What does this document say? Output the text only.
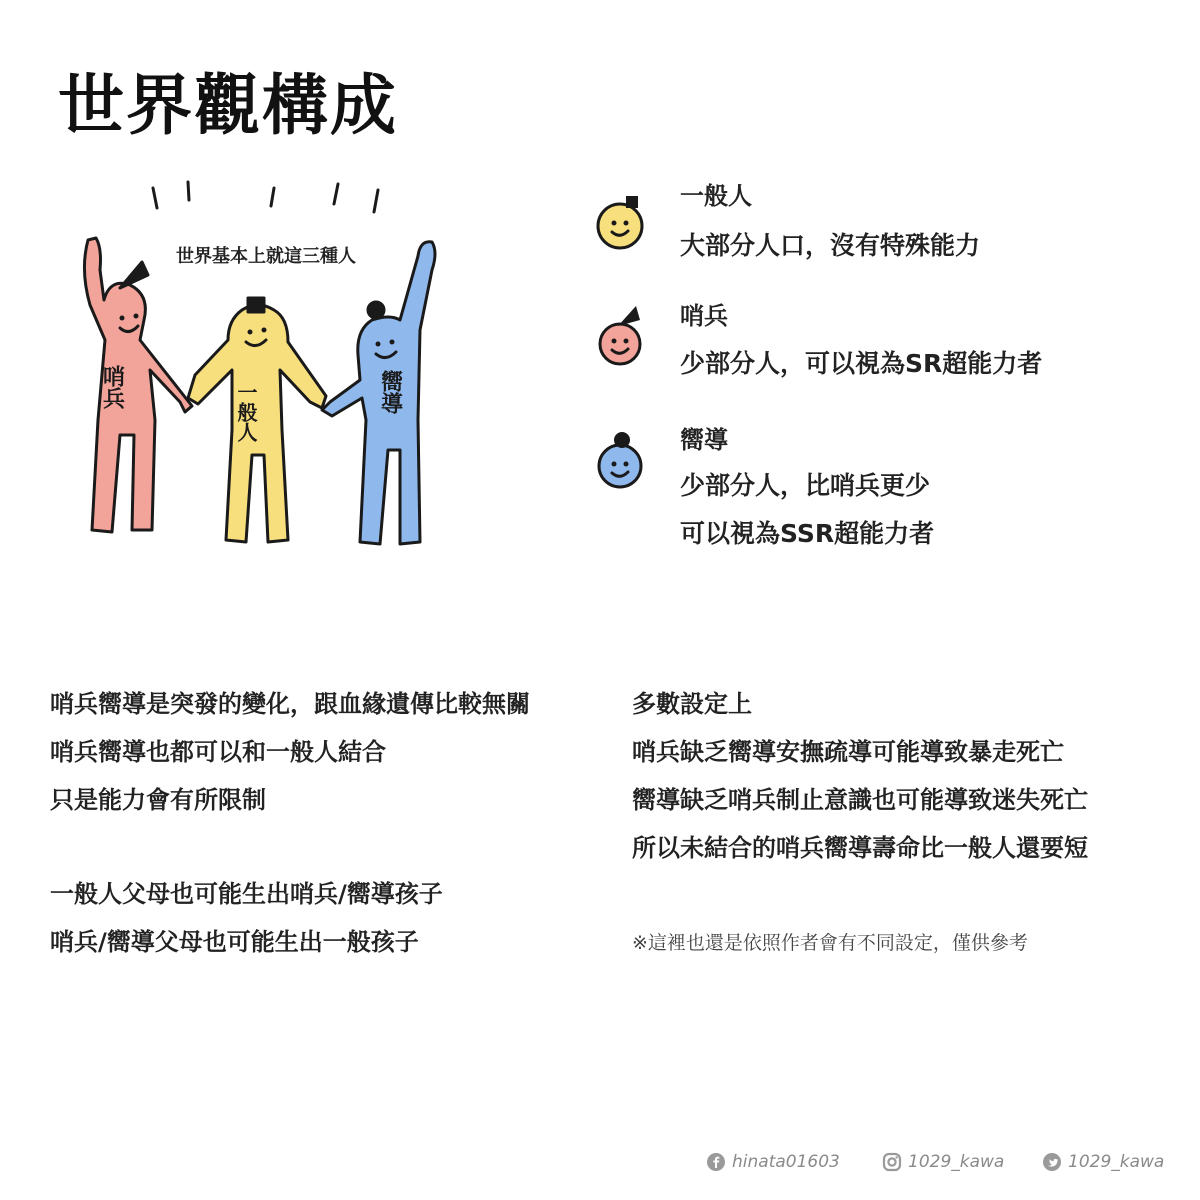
世界觀構成
世界基本上就這三種人
哨兵	一般人	嚮導
一般人
大部分人口，沒有特殊能力
哨兵
少部分人，可以視為SR超能力者
嚮導
少部分人，比哨兵更少
可以視為SSR超能力者
哨兵嚮導是突發的變化，跟血緣遺傳比較無關
哨兵嚮導也都可以和一般人結合
只是能力會有所限制
一般人父母也可能生出哨兵/嚮導孩子
哨兵/嚮導父母也可能生出一般孩子
多數設定上
哨兵缺乏嚮導安撫疏導可能導致暴走死亡
嚮導缺乏哨兵制止意識也可能導致迷失死亡
所以未結合的哨兵嚮導壽命比一般人還要短
※這裡也還是依照作者會有不同設定，僅供參考
hinata01603	1029_kawa	1029_kawa
